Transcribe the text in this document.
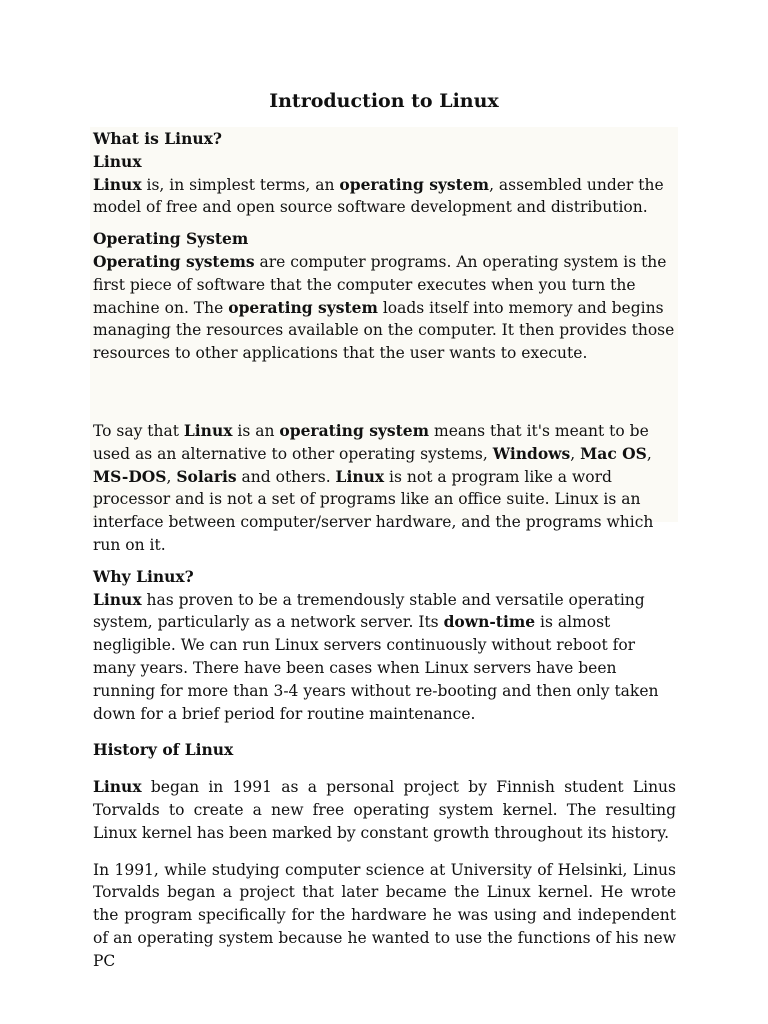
Introduction to Linux

What is Linux?

Linux

Linux is, in simplest terms, an operating system, assembled under the model of free and open source software development and distribution.

Operating System

Operating systems are computer programs. An operating system is the first piece of software that the computer executes when you turn the machine on. The operating system loads itself into memory and begins managing the resources available on the computer. It then provides those resources to other applications that the user wants to execute.

To say that Linux is an operating system means that it's meant to be used as an alternative to other operating systems, Windows, Mac OS, MS-DOS, Solaris and others. Linux is not a program like a word processor and is not a set of programs like an office suite. Linux is an interface between computer/server hardware, and the programs which run on it.

Why Linux?

Linux has proven to be a tremendously stable and versatile operating system, particularly as a network server. Its down-time is almost negligible. We can run Linux servers continuously without reboot for many years. There have been cases when Linux servers have been running for more than 3-4 years without re-booting and then only taken down for a brief period for routine maintenance.

History of Linux

Linux began in 1991 as a personal project by Finnish student Linus Torvalds to create a new free operating system kernel. The resulting Linux kernel has been marked by constant growth throughout its history.

In 1991, while studying computer science at University of Helsinki, Linus Torvalds began a project that later became the Linux kernel. He wrote the program specifically for the hardware he was using and independent of an operating system because he wanted to use the functions of his new PC
